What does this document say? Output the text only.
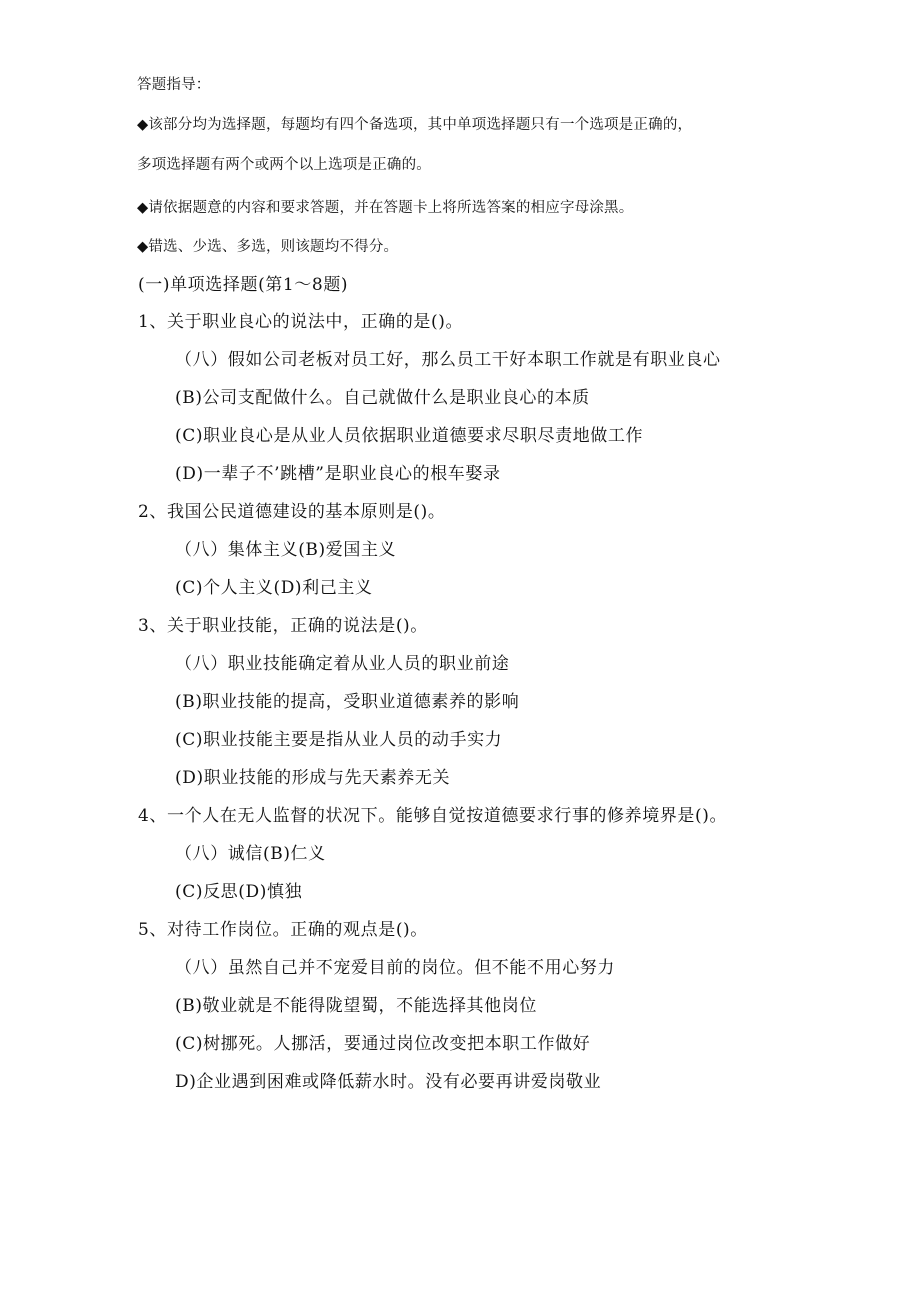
答题指导：
◆该部分均为选择题，每题均有四个备选项，其中单项选择题只有一个选项是正确的，
多项选择题有两个或两个以上选项是正确的。
◆请依据题意的内容和要求答题，并在答题卡上将所选答案的相应字母涂黑。
◆错选、少选、多选，则该题均不得分。
(一)单项选择题(第1〜8题)
1、关于职业良心的说法中，正确的是()。
（八）假如公司老板对员工好，那么员工干好本职工作就是有职业良心
(B)公司支配做什么。自己就做什么是职业良心的本质
(C)职业良心是从业人员依据职业道德要求尽职尽责地做工作
(D)一辈子不’跳槽”是职业良心的根车娶录
2、我国公民道德建设的基本原则是()。
（八）集体主义(B)爱国主义
(C)个人主义(D)利己主义
3、关于职业技能，正确的说法是()。
（八）职业技能确定着从业人员的职业前途
(B)职业技能的提高，受职业道德素养的影响
(C)职业技能主要是指从业人员的动手实力
(D)职业技能的形成与先天素养无关
4、一个人在无人监督的状况下。能够自觉按道德要求行事的修养境界是()。
（八）诚信(B)仁义
(C)反思(D)慎独
5、对待工作岗位。正确的观点是()。
（八）虽然自己并不宠爱目前的岗位。但不能不用心努力
(B)敬业就是不能得陇望蜀，不能选择其他岗位
(C)树挪死。人挪活，要通过岗位改变把本职工作做好
D)企业遇到困难或降低薪水时。没有必要再讲爱岗敬业
